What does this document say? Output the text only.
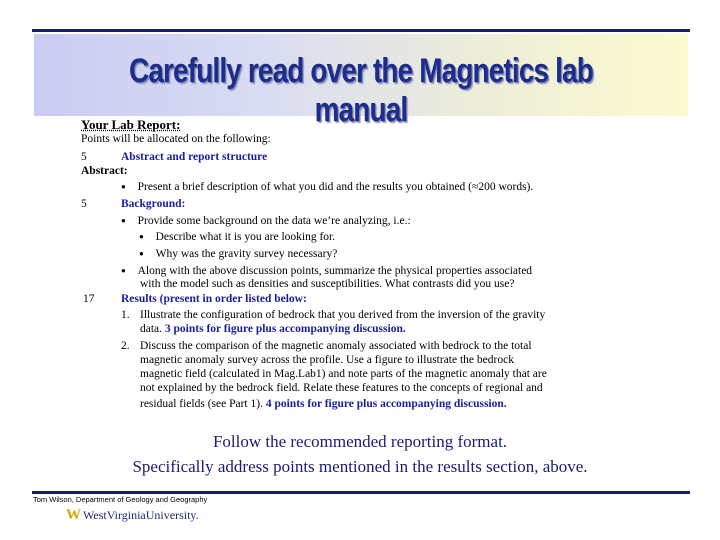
Carefully read over the Magnetics lab manual
Your Lab Report:
Points will be allocated on the following:
5	Abstract and report structure
Abstract:
● Present a brief description of what you did and the results you obtained (≈200 words).
5	Background:
● Provide some background on the data we’re analyzing, i.e.:
● Describe what it is you are looking for.
● Why was the gravity survey necessary?
● Along with the above discussion points, summarize the physical properties associated
with the model such as densities and susceptibilities. What contrasts did you use?
17 Results (present in order listed below:
1. Illustrate the configuration of bedrock that you derived from the inversion of the gravity
data. 3 points for figure plus accompanying discussion.
2. Discuss the comparison of the magnetic anomaly associated with bedrock to the total
magnetic anomaly survey across the profile. Use a figure to illustrate the bedrock
magnetic field (calculated in Mag.Lab1) and note parts of the magnetic anomaly that are
not explained by the bedrock field. Relate these features to the concepts of regional and
residual fields (see Part 1). 4 points for figure plus accompanying discussion.
Follow the recommended reporting format.
Specifically address points mentioned in the results section, above.
Tom Wilson, Department of Geology and Geography
W WestVirginiaUniversity.
